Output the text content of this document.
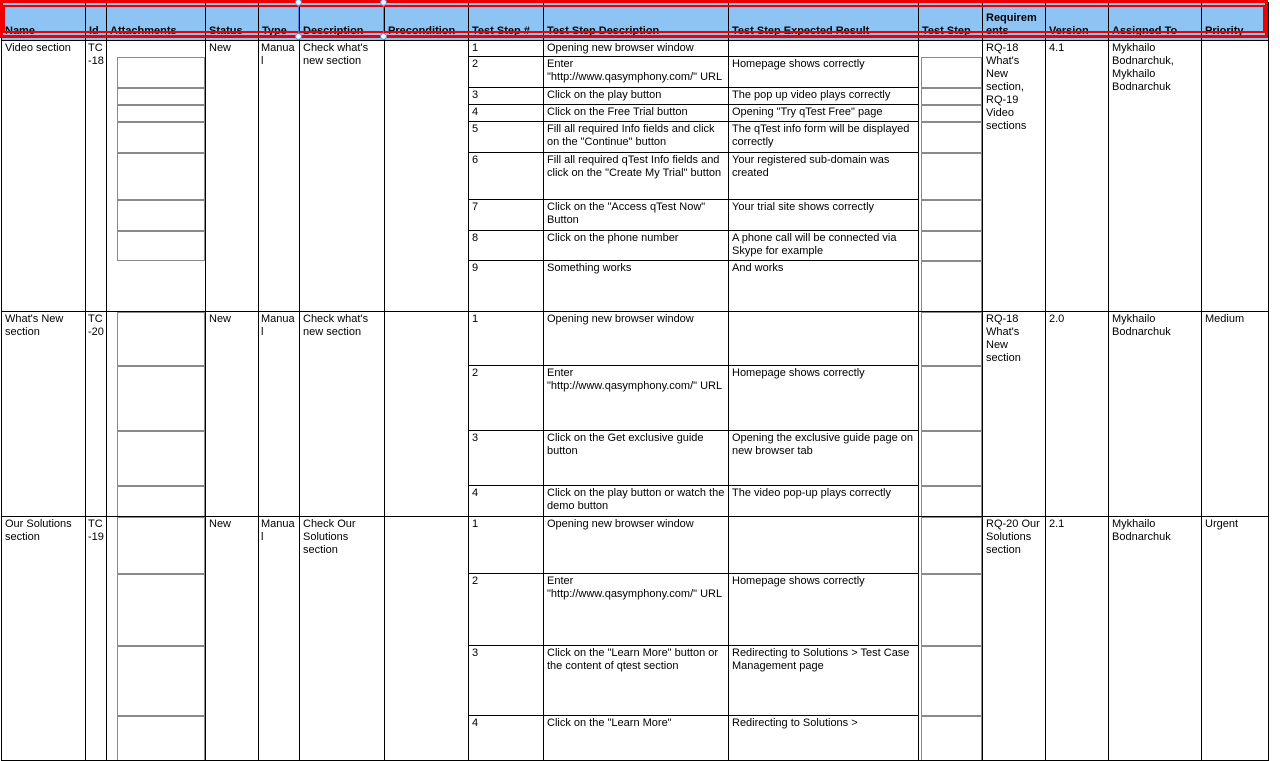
Name	Id	Attachments	Status	Type	Description	Precondition	Test Step #	Test Step Description	Test Step Expected Result	Test Step	Requirements	Version	Assigned To	Priority
Video section	TC-18		New	Manual	Check what's new section		1	Opening new browser window			RQ-18 What's New section, RQ-19 Video sections	4.1	Mykhailo Bodnarchuk, Mykhailo Bodnarchuk	
							2	Enter "http://www.qasymphony.com/" URL	Homepage shows correctly					
							3	Click on the play button	The pop up video plays correctly					
							4	Click on the Free Trial button	Opening "Try qTest Free" page					
							5	Fill all required Info fields and click on the "Continue" button	The qTest info form will be displayed correctly					
							6	Fill all required qTest Info fields and click on the "Create My Trial" button	Your registered sub-domain was created					
							7	Click on the "Access qTest Now" Button	Your trial site shows correctly					
							8	Click on the phone number	A phone call will be connected via Skype for example					
							9	Something works	And works					
What's New section	TC-20		New	Manual	Check what's new section		1	Opening new browser window			RQ-18 What's New section	2.0	Mykhailo Bodnarchuk	Medium
							2	Enter "http://www.qasymphony.com/" URL	Homepage shows correctly					
							3	Click on the Get exclusive guide button	Opening the exclusive guide page on new browser tab					
							4	Click on the play button or watch the demo button	The video pop-up plays correctly					
Our Solutions section	TC-19		New	Manual	Check Our Solutions section		1	Opening new browser window			RQ-20 Our Solutions section	2.1	Mykhailo Bodnarchuk	Urgent
							2	Enter "http://www.qasymphony.com/" URL	Homepage shows correctly					
							3	Click on the "Learn More" button or the content of qtest section	Redirecting to Solutions > Test Case Management page					
							4	Click on the "Learn More"	Redirecting to Solutions >					
